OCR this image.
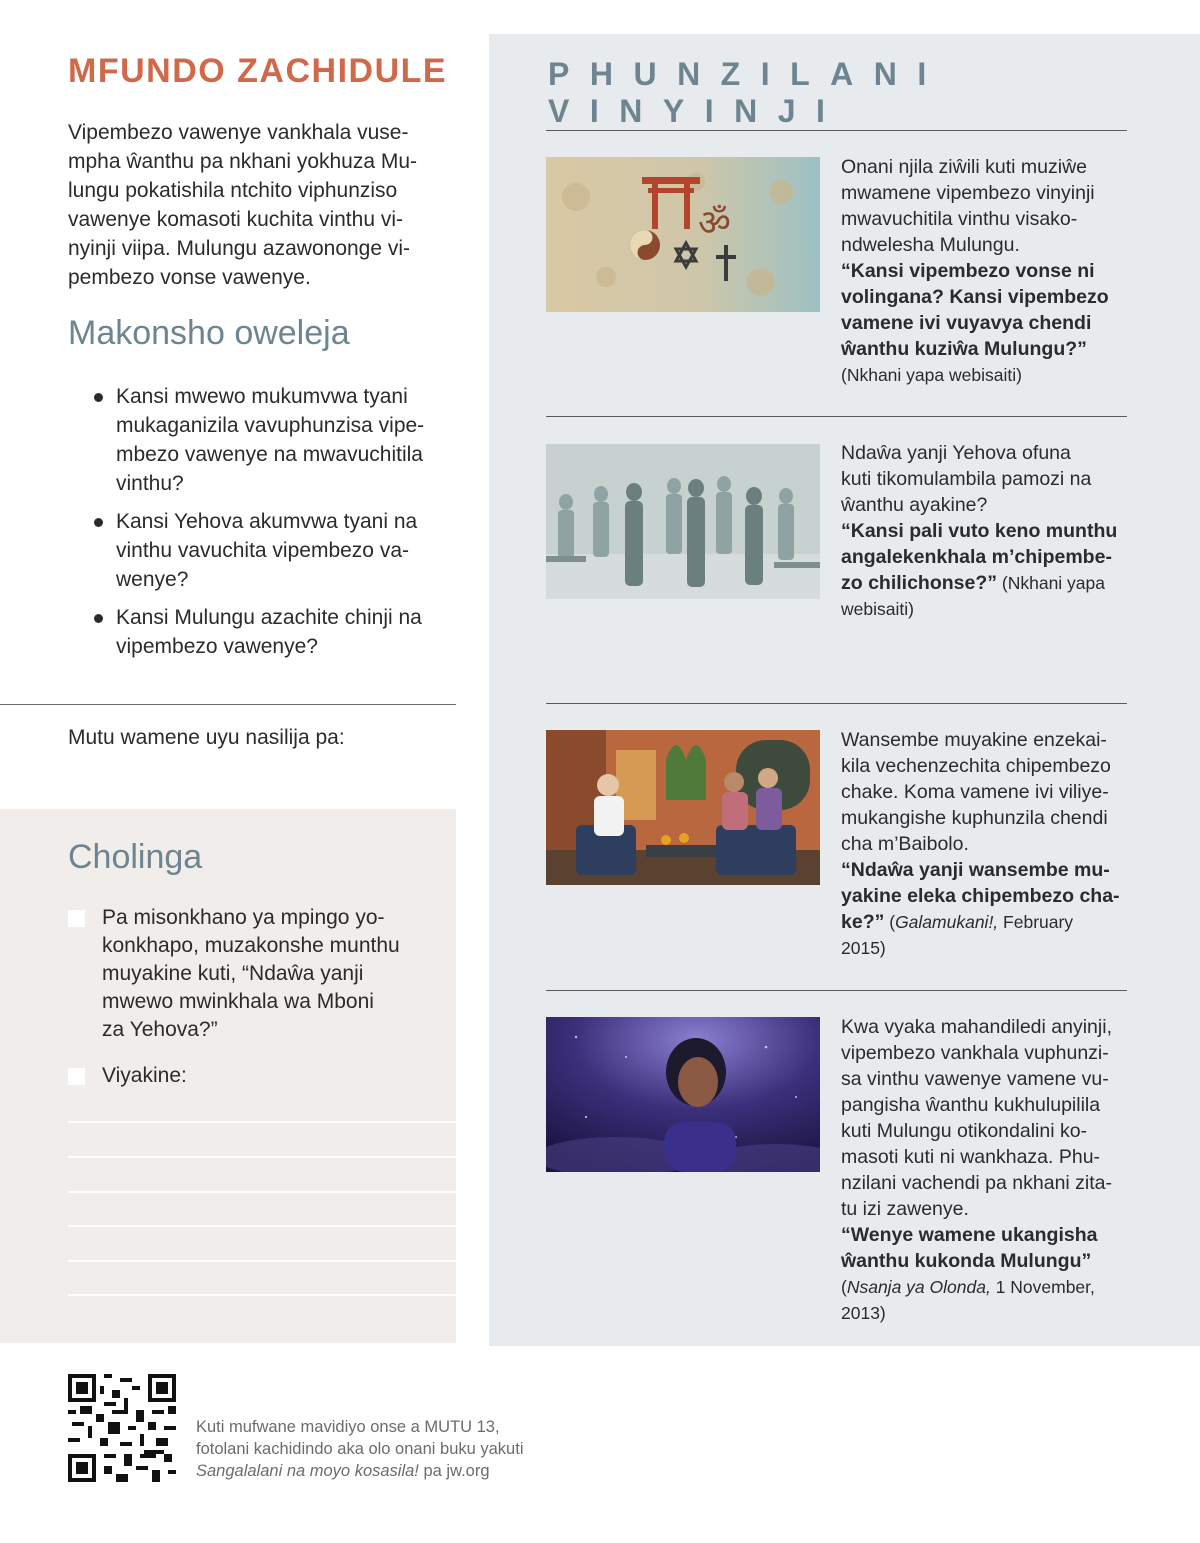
MFUNDO ZACHIDULE

Vipembezo vawenye vankhala vuse-
mpha ŵanthu pa nkhani yokhuza Mu-
lungu pokatishila ntchito viphunziso
vawenye komasoti kuchita vinthu vi-
nyinji viipa. Mulungu azawononge vi-
pembezo vonse vawenye.

Makonsho oweleja
Kansi mwewo mukumvwa tyani
mukaganizila vavuphunzisa vipe-
mbezo vawenye na mwavuchitila
vinthu?
Kansi Yehova akumvwa tyani na
vinthu vavuchita vipembezo va-
wenye?
Kansi Mulungu azachite chinji na
vipembezo vawenye?

Mutu wamene uyu nasilija pa:

Cholinga
Pa misonkhano ya mpingo yo-
konkhapo, muzakonshe munthu
muyakine kuti, “Ndaŵa yanji
mwewo mwinkhala wa Mboni
za Yehova?”
Viyakine:
PHUNZILANI VINYINJI
ॐ

Onani njila ziŵili kuti muziŵe
mwamene vipembezo vinyinji
mwavuchitila vinthu visako-
ndwelesha Mulungu.

“Kansi vipembezo vonse ni
volingana? Kansi vipembezo
vamene ivi vuyavya chendi
ŵanthu kuziŵa Mulungu?”

(Nkhani yapa webisaiti)

Ndaŵa yanji Yehova ofuna
kuti tikomulambila pamozi na
ŵanthu ayakine?

“Kansi pali vuto keno munthu
angalekenkhala m’chipembe-
zo chilichonse?” (Nkhani yapa
webisaiti)

Wansembe muyakine enzekai-
kila vechenzechita chipembezo
chake. Koma vamene ivi viliye-
mukangishe kuphunzila chendi
cha m’Baibolo.

“Ndaŵa yanji wansembe mu-
yakine eleka chipembezo cha-
ke?” (Galamukani!, February
2015)

Kwa vyaka mahandiledi anyinji,
vipembezo vankhala vuphunzi-
sa vinthu vawenye vamene vu-
pangisha ŵanthu kukhulupilila
kuti Mulungu otikondalini ko-
masoti kuti ni wankhaza. Phu-
nzilani vachendi pa nkhani zita-
tu izi zawenye.

“Wenye wamene ukangisha
ŵanthu kukonda Mulungu”

(Nsanja ya Olonda, 1 November,
2013)

Kuti mufwane mavidiyo onse a MUTU 13,
fotolani kachidindo aka olo onani buku yakuti
Sangalalani na moyo kosasila! pa jw.org
